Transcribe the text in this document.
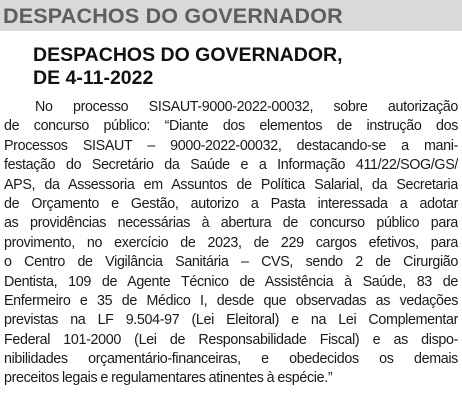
DESPACHOS DO GOVERNADOR
DESPACHOS DO GOVERNADOR,
DE 4-11-2022
No processo SISAUT-9000-2022-00032, sobre autorização
de concurso público: “Diante dos elementos de instrução dos
Processos SISAUT – 9000-2022-00032, destacando-se a mani-
festação do Secretário da Saúde e a Informação 411/22/SOG/GS/
APS, da Assessoria em Assuntos de Política Salarial, da Secretaria
de Orçamento e Gestão, autorizo a Pasta interessada a adotar
as providências necessárias à abertura de concurso público para
provimento, no exercício de 2023, de 229 cargos efetivos, para
o Centro de Vigilância Sanitária – CVS, sendo 2 de Cirurgião
Dentista, 109 de Agente Técnico de Assistência à Saúde, 83 de
Enfermeiro e 35 de Médico I, desde que observadas as vedações
previstas na LF 9.504-97 (Lei Eleitoral) e na Lei Complementar
Federal 101-2000 (Lei de Responsabilidade Fiscal) e as dispo-
nibilidades orçamentário-financeiras, e obedecidos os demais
preceitos legais e regulamentares atinentes à espécie.”
